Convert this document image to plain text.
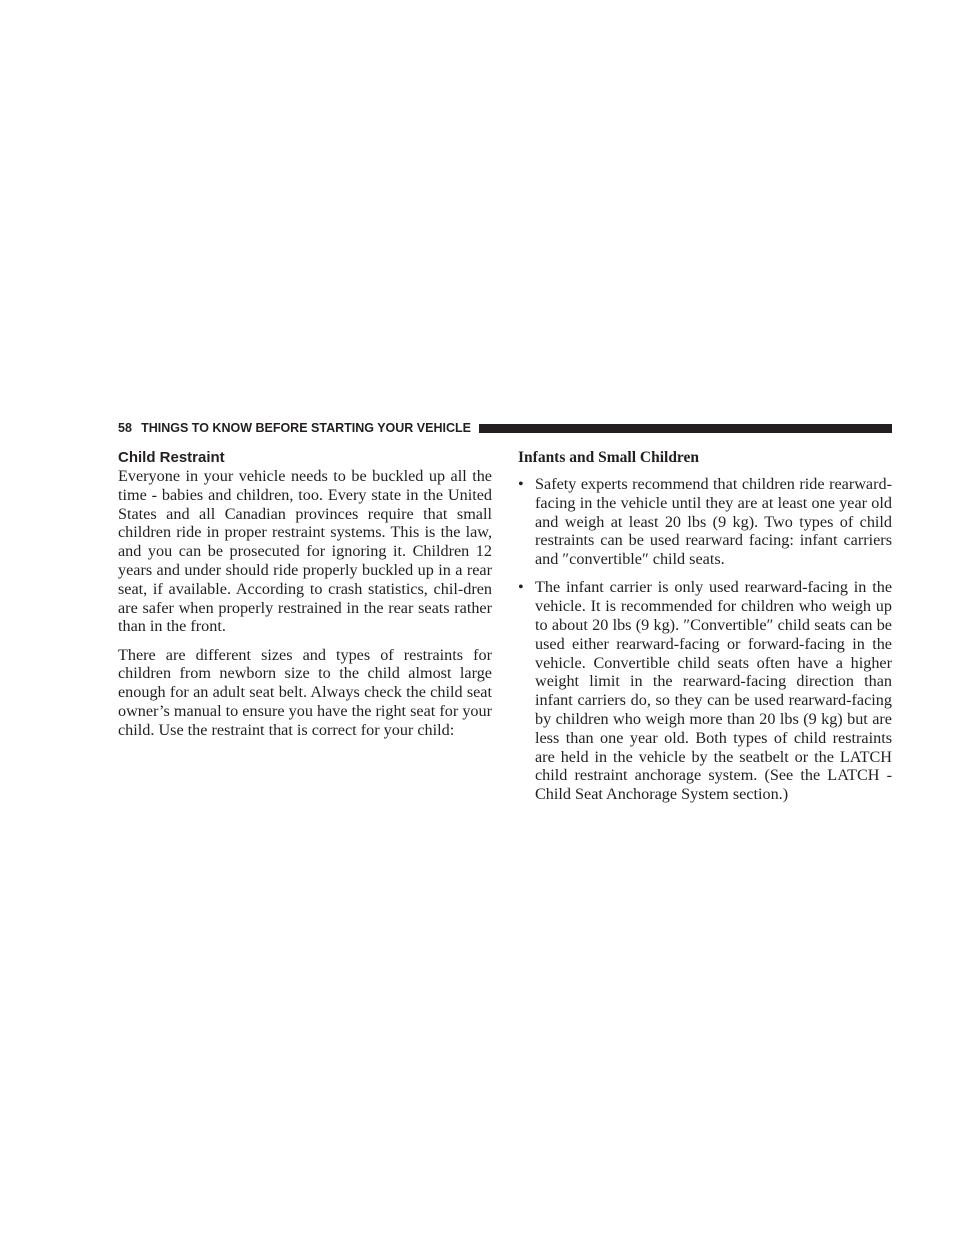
58 THINGS TO KNOW BEFORE STARTING YOUR VEHICLE
Child Restraint

Everyone in your vehicle needs to be buckled up all the time - babies and children, too. Every state in the United States and all Canadian provinces require that small children ride in proper restraint systems. This is the law, and you can be prosecuted for ignoring it. Children 12 years and under should ride properly buckled up in a rear seat, if available. According to crash statistics, chil-dren are safer when properly restrained in the rear seats rather than in the front.

There are different sizes and types of restraints for children from newborn size to the child almost large enough for an adult seat belt. Always check the child seat owner’s manual to ensure you have the right seat for your child. Use the restraint that is correct for your child:

Infants and Small Children
• Safety experts recommend that children ride rearward-facing in the vehicle until they are at least one year old and weigh at least 20 lbs (9 kg). Two types of child restraints can be used rearward facing: infant carriers and ″convertible″ child seats.
• The infant carrier is only used rearward-facing in the vehicle. It is recommended for children who weigh up to about 20 lbs (9 kg). ″Convertible″ child seats can be used either rearward-facing or forward-facing in the vehicle. Convertible child seats often have a higher weight limit in the rearward-facing direction than infant carriers do, so they can be used rearward-facing by children who weigh more than 20 lbs (9 kg) but are less than one year old. Both types of child restraints are held in the vehicle by the seatbelt or the LATCH child restraint anchorage system. (See the LATCH - Child Seat Anchorage System section.)
